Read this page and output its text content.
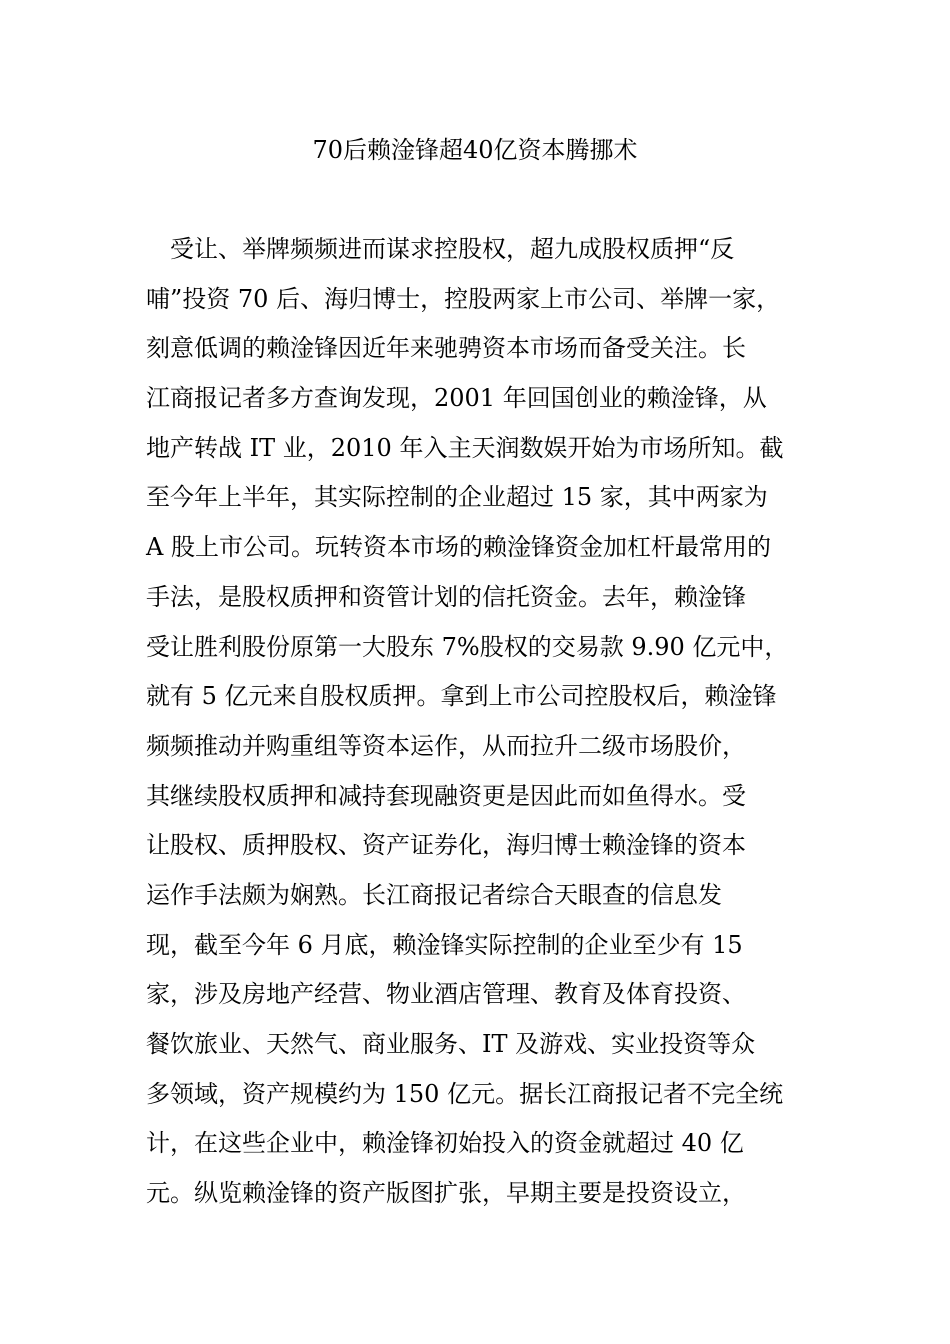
70后赖淦锋超40亿资本腾挪术
受让、举牌频频进而谋求控股权，超九成股权质押“反
哺”投资 70 后、海归博士，控股两家上市公司、举牌一家，
刻意低调的赖淦锋因近年来驰骋资本市场而备受关注。长
江商报记者多方查询发现，2001 年回国创业的赖淦锋，从
地产转战 IT 业，2010 年入主天润数娱开始为市场所知。截
至今年上半年，其实际控制的企业超过 15 家，其中两家为
A 股上市公司。玩转资本市场的赖淦锋资金加杠杆最常用的
手法，是股权质押和资管计划的信托资金。去年，赖淦锋
受让胜利股份原第一大股东 7%股权的交易款 9.90 亿元中，
就有 5 亿元来自股权质押。拿到上市公司控股权后，赖淦锋
频频推动并购重组等资本运作，从而拉升二级市场股价，
其继续股权质押和减持套现融资更是因此而如鱼得水。受
让股权、质押股权、资产证券化，海归博士赖淦锋的资本
运作手法颇为娴熟。长江商报记者综合天眼查的信息发
现，截至今年 6 月底，赖淦锋实际控制的企业至少有 15
家，涉及房地产经营、物业酒店管理、教育及体育投资、
餐饮旅业、天然气、商业服务、IT 及游戏、实业投资等众
多领域，资产规模约为 150 亿元。据长江商报记者不完全统
计，在这些企业中，赖淦锋初始投入的资金就超过 40 亿
元。纵览赖淦锋的资产版图扩张，早期主要是投资设立，
